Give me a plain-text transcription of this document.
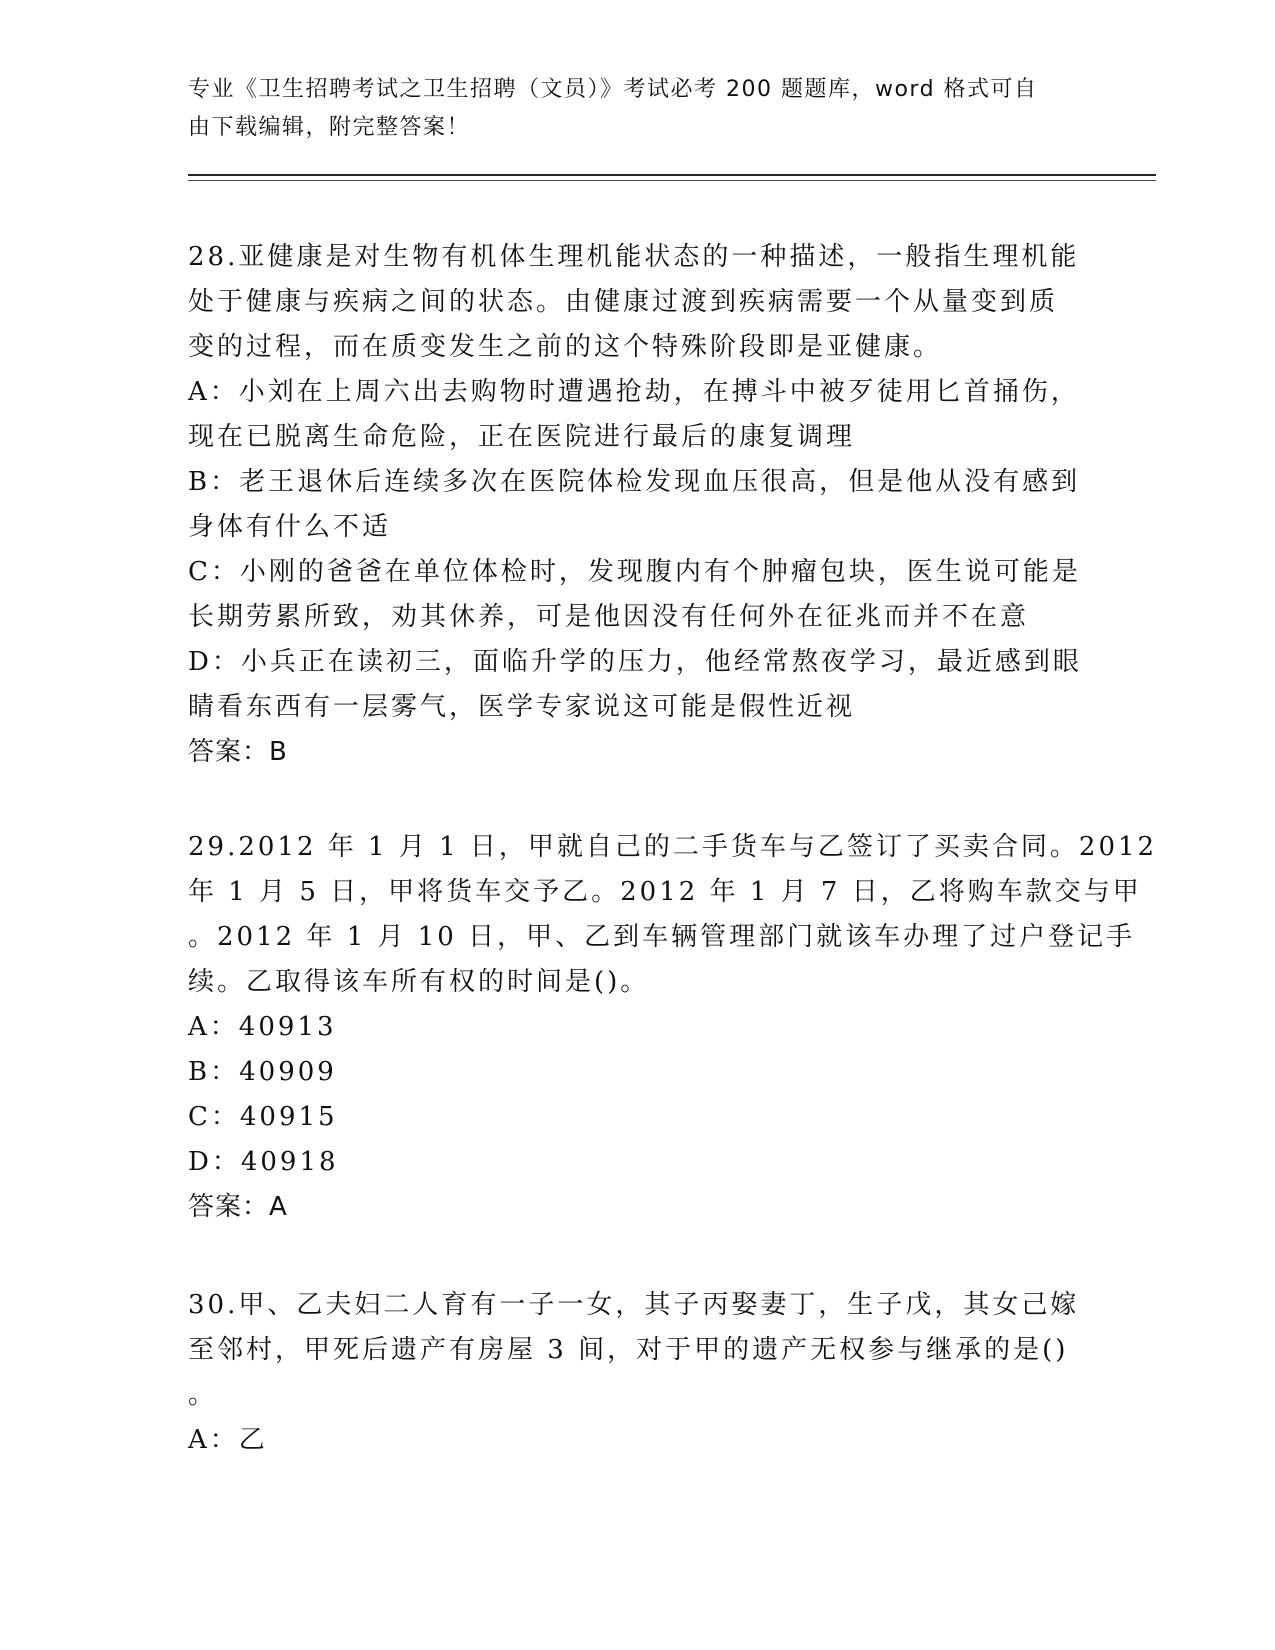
专业《卫生招聘考试之卫生招聘（文员）》考试必考 200 题题库，word 格式可自
由下载编辑，附完整答案！
28.亚健康是对生物有机体生理机能状态的一种描述，一般指生理机能
处于健康与疾病之间的状态。由健康过渡到疾病需要一个从量变到质
变的过程，而在质变发生之前的这个特殊阶段即是亚健康。
A：小刘在上周六出去购物时遭遇抢劫，在搏斗中被歹徒用匕首捅伤，
现在已脱离生命危险，正在医院进行最后的康复调理
B：老王退休后连续多次在医院体检发现血压很高，但是他从没有感到
身体有什么不适
C：小刚的爸爸在单位体检时，发现腹内有个肿瘤包块，医生说可能是
长期劳累所致，劝其休养，可是他因没有任何外在征兆而并不在意
D：小兵正在读初三，面临升学的压力，他经常熬夜学习，最近感到眼
睛看东西有一层雾气，医学专家说这可能是假性近视
答案：B
29.2012 年 1 月 1 日，甲就自己的二手货车与乙签订了买卖合同。2012
年 1 月 5 日，甲将货车交予乙。2012 年 1 月 7 日，乙将购车款交与甲
。2012 年 1 月 10 日，甲、乙到车辆管理部门就该车办理了过户登记手
续。乙取得该车所有权的时间是()。
A：40913
B：40909
C：40915
D：40918
答案：A
30.甲、乙夫妇二人育有一子一女，其子丙娶妻丁，生子戊，其女己嫁
至邻村，甲死后遗产有房屋 3 间，对于甲的遗产无权参与继承的是()
。
A：乙
